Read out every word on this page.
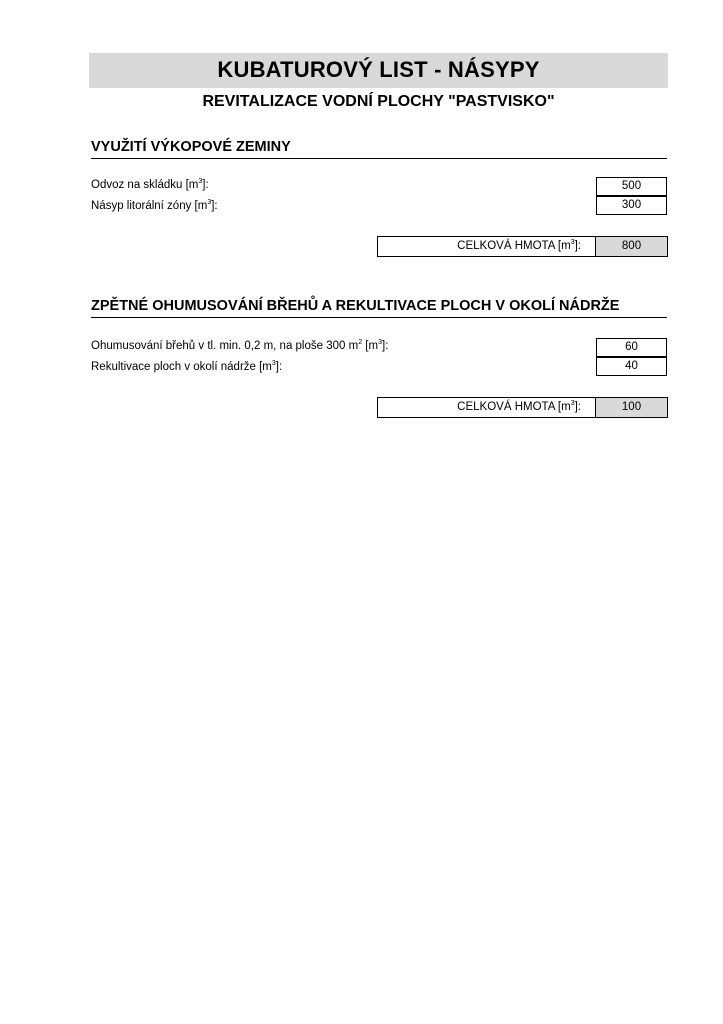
KUBATUROVÝ LIST - NÁSYPY
REVITALIZACE VODNÍ PLOCHY "PASTVISKO"
VYUŽITÍ VÝKOPOVÉ ZEMINY
Odvoz na skládku $[m^3]$:	500
Násyp litorální zóny $[m^3]$:	300
CELKOVÁ HMOTA $[m^3]$:	800
ZPĚTNÉ OHUMUSOVÁNÍ BŘEHŮ A REKULTIVACE PLOCH V OKOLÍ NÁDRŽE
Ohumusování břehů v tl. min. 0,2 m, na ploše 300 $m^2$ $[m^3]$:	60
Rekultivace ploch v okolí nádrže $[m^3]$:	40
CELKOVÁ HMOTA $[m^3]$:	100
